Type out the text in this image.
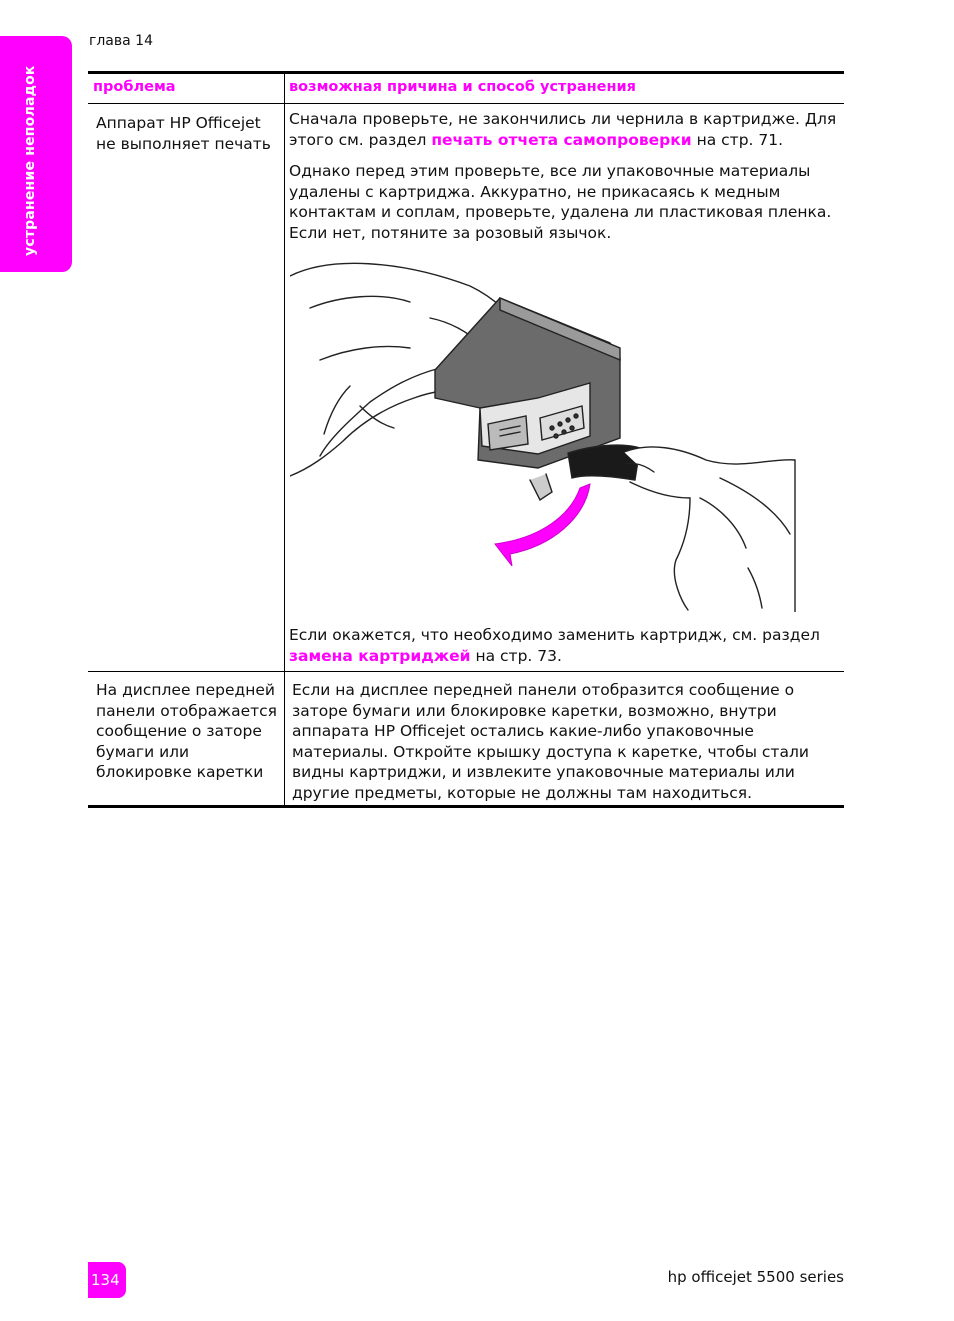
устранение неполадок
глава 14
проблема	возможная причина и способ устранения
Аппарат HP Officejet
не выполняет печать

Сначала проверьте, не закончились ли чернила в картридже. Для этого см. раздел печать отчета самопроверки на стр. 71.

Однако перед этим проверьте, все ли упаковочные материалы удалены с картриджа. Аккуратно, не прикасаясь к медным контактам и соплам, проверьте, удалена ли пластиковая пленка. Если нет, потяните за розовый язычок.

Если окажется, что необходимо заменить картридж, см. раздел замена картриджей на стр. 73.
На дисплее передней
панели отображается
сообщение о заторе
бумаги или
блокировке каретки
Если на дисплее передней панели отобразится сообщение о заторе бумаги или блокировке каретки, возможно, внутри аппарата HP Officejet остались какие-либо упаковочные материалы. Откройте крышку доступа к каретке, чтобы стали видны картриджи, и извлеките упаковочные материалы или другие предметы, которые не должны там находиться.
134	hp officejet 5500 series
